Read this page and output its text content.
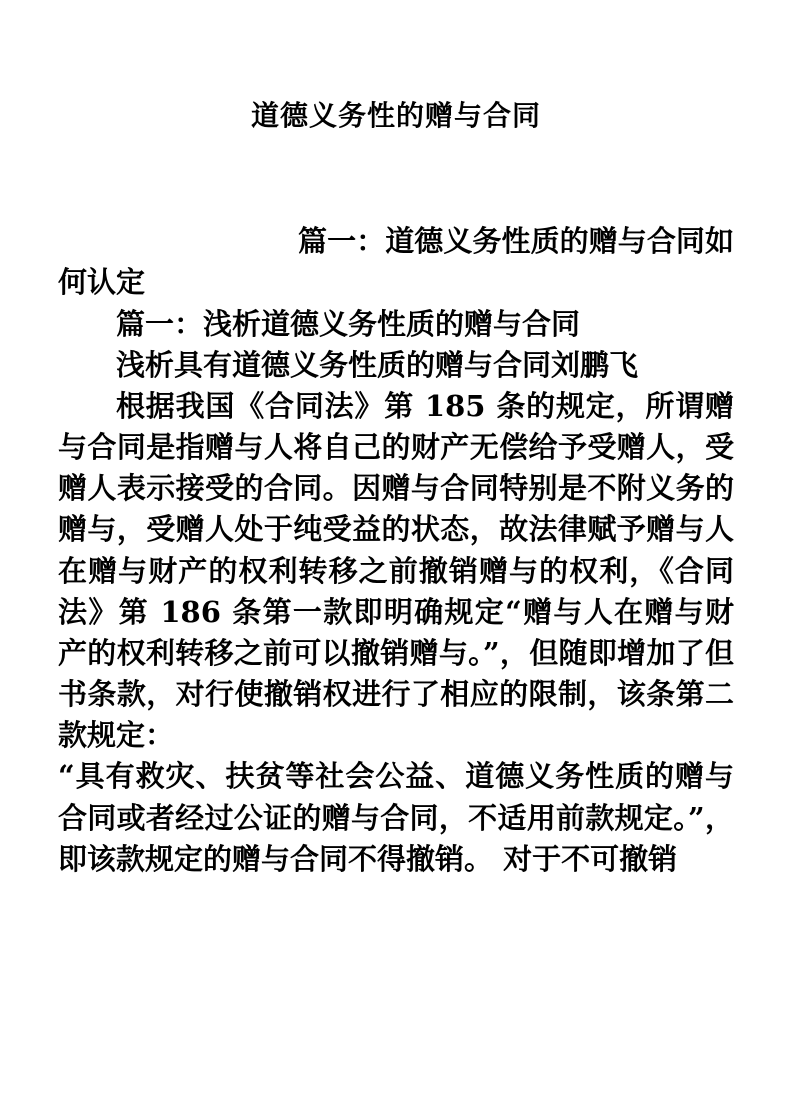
道德义务性的赠与合同

篇一：道德义务性质的赠与合同如何认定

篇一：浅析道德义务性质的赠与合同

浅析具有道德义务性质的赠与合同刘鹏飞

根据我国《合同法》第 185 条的规定，所谓赠与合同是指赠与人将自己的财产无偿给予受赠人，受赠人表示接受的合同。因赠与合同特别是不附义务的赠与，受赠人处于纯受益的状态，故法律赋予赠与人在赠与财产的权利转移之前撤销赠与的权利，《合同法》第 186 条第一款即明确规定“赠与人在赠与财产的权利转移之前可以撤销赠与。”，但随即增加了但书条款，对行使撤销权进行了相应的限制，该条第二款规定：

“具有救灾、扶贫等社会公益、道德义务性质的赠与合同或者经过公证的赠与合同，不适用前款规定。”，即该款规定的赠与合同不得撤销。 对于不可撤销
